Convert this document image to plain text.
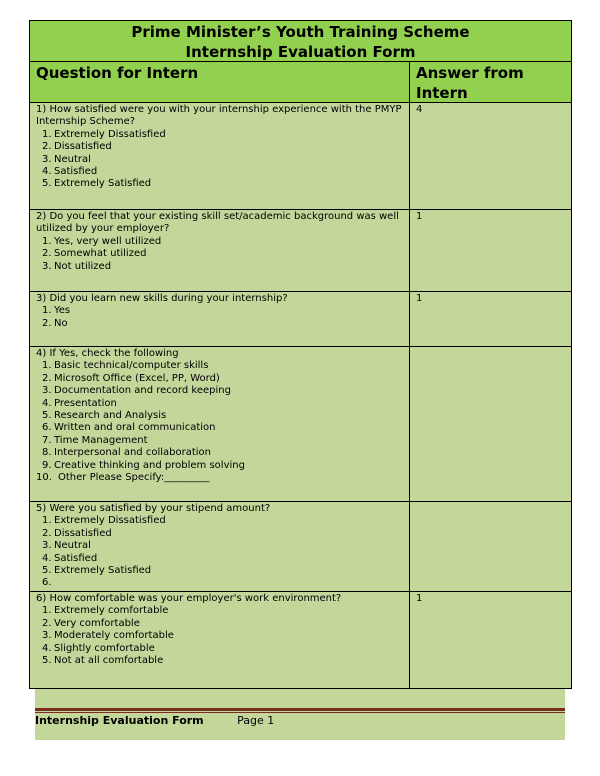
Prime Minister’s Youth Training Scheme
Internship Evaluation Form
Question for Intern	Answer from Intern

1) How satisfied were you with your internship experience with the PMYP Internship Scheme?

1. Extremely Dissatisfied
2. Dissatisfied
3. Neutral
4. Satisfied
5. Extremely Satisfied
4

2) Do you feel that your existing skill set/academic background was well utilized by your employer?

1. Yes, very well utilized
2. Somewhat utilized
3. Not utilized
1

3) Did you learn new skills during your internship?

1. Yes
2. No
1

4) If Yes, check the following

1. Basic technical/computer skills
2. Microsoft Office (Excel, PP, Word)
3. Documentation and record keeping
4. Presentation
5. Research and Analysis
6. Written and oral communication
7. Time Management
8. Interpersonal and collaboration
9. Creative thinking and problem solving
10. Other Please Specify:_________

5) Were you satisfied by your stipend amount?

1. Extremely Dissatisfied
2. Dissatisfied
3. Neutral
4. Satisfied
5. Extremely Satisfied
6.

6) How comfortable was your employer's work environment?

1. Extremely comfortable
2. Very comfortable
3. Moderately comfortable
4. Slightly comfortable
5. Not at all comfortable
1
Internship Evaluation Form	Page 1
